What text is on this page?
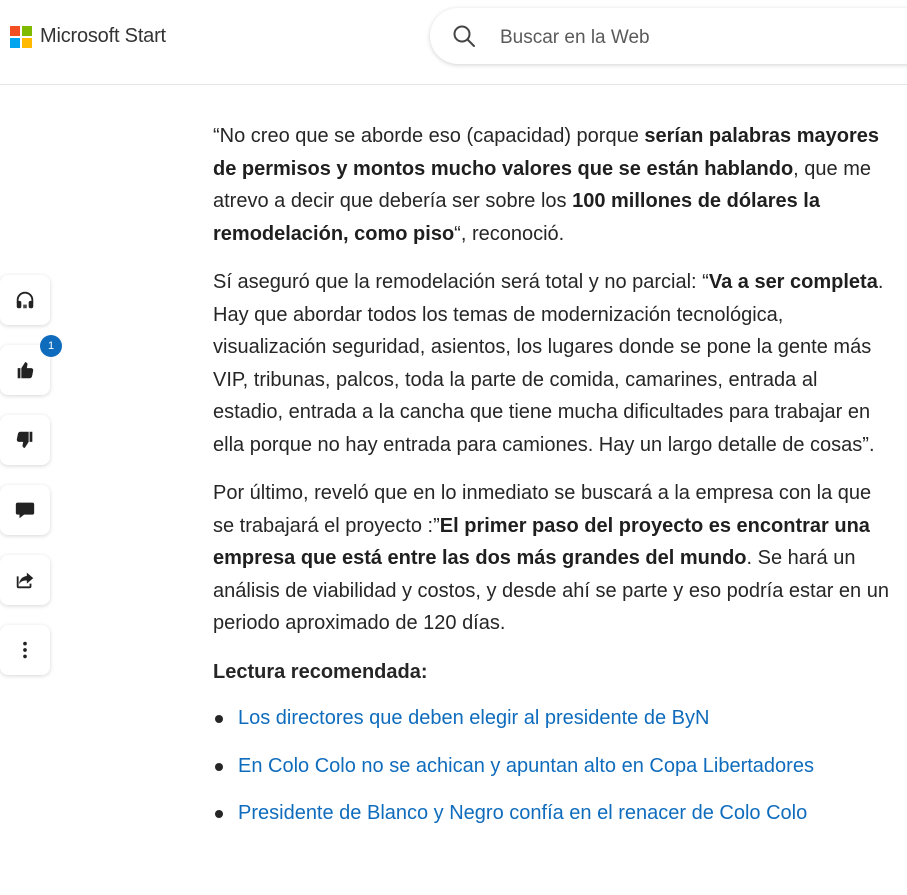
Microsoft Start
Buscar en la Web
1

“No creo que se aborde eso (capacidad) porque serían palabras mayores de permisos y montos mucho valores que se están hablando, que me atrevo a decir que debería ser sobre los 100 millones de dólares la remodelación, como piso“, reconoció.

Sí aseguró que la remodelación será total y no parcial: “Va a ser completa. Hay que abordar todos los temas de modernización tecnológica, visualización seguridad, asientos, los lugares donde se pone la gente más VIP, tribunas, palcos, toda la parte de comida, camarines, entrada al estadio, entrada a la cancha que tiene mucha dificultades para trabajar en ella porque no hay entrada para camiones. Hay un largo detalle de cosas”.

Por último, reveló que en lo inmediato se buscará a la empresa con la que se trabajará el proyecto :”El primer paso del proyecto es encontrar una empresa que está entre las dos más grandes del mundo. Se hará un análisis de viabilidad y costos, y desde ahí se parte y eso podría estar en un periodo aproximado de 120 días.

Lectura recomendada:
Los directores que deben elegir al presidente de ByN
En Colo Colo no se achican y apuntan alto en Copa Libertadores
Presidente de Blanco y Negro confía en el renacer de Colo Colo
